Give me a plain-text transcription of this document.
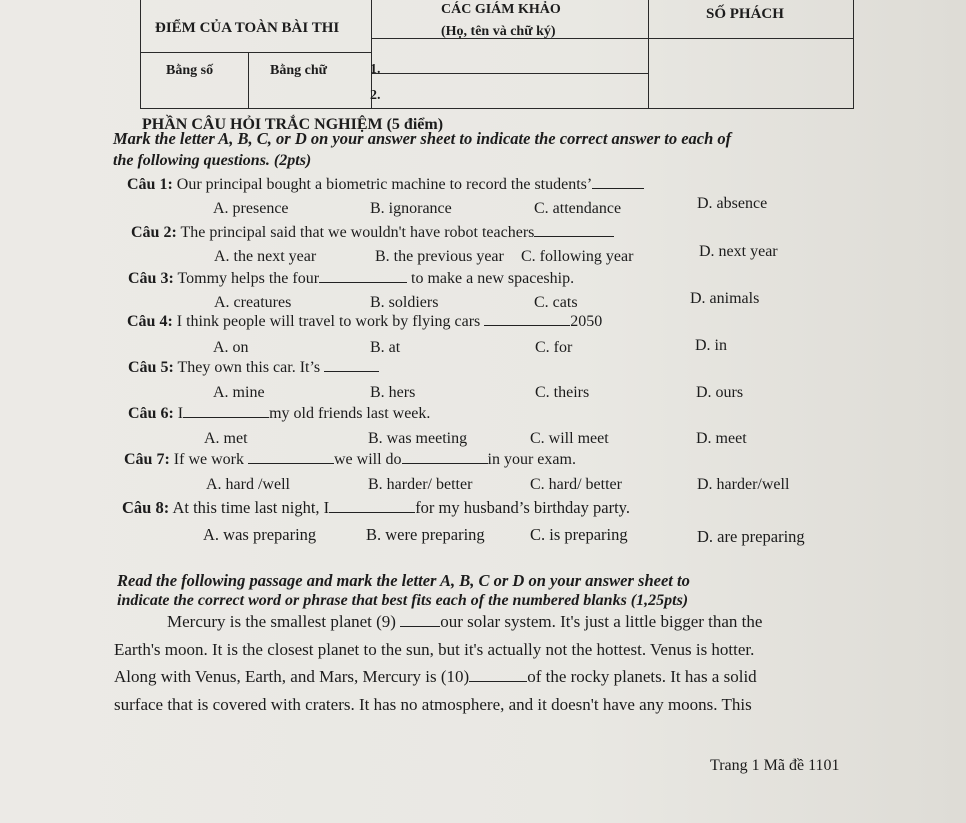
ĐIỂM CỦA TOÀN BÀI THI
Bằng số	Bằng chữ
CÁC GIÁM KHẢO
(Họ, tên và chữ ký)
1.
2.
SỐ PHÁCH
PHẦN CÂU HỎI TRẮC NGHIỆM (5 điểm)
Mark the letter A, B, C, or D on your answer sheet to indicate the correct answer to each of
the following questions. (2pts)
Câu 1: Our principal bought a biometric machine to record the students’
A. presence	B. ignorance	C. attendance	D. absence
Câu 2: The principal said that we wouldn't have robot teachers
A. the next year	B. the previous year C. following year	D. next year
Câu 3: Tommy helps the four	to make a new spaceship.
A. creatures	B. soldiers	C. cats	D. animals
Câu 4: I think people will travel to work by flying cars	2050
A. on	B. at	C. for	D. in
Câu 5: They own this car. It’s
A. mine	B. hers	C. theirs	D. ours
Câu 6: I	my old friends last week.
A. met	B. was meeting	C. will meet	D. meet
Câu 7: If we work	we will do	in your exam.
A. hard /well	B. harder/ better	C. hard/ better	D. harder/well
Câu 8: At this time last night, I	for my husband’s birthday party.
A. was preparing	B. were preparing	C. is preparing	D. are preparing
Read the following passage and mark the letter A, B, C or D on your answer sheet to
indicate the correct word or phrase that best fits each of the numbered blanks (1,25pts)
Mercury is the smallest planet (9)	our solar system. It's just a little bigger than the
Earth's moon. It is the closest planet to the sun, but it's actually not the hottest. Venus is hotter.
Along with Venus, Earth, and Mars, Mercury is (10)	of the rocky planets. It has a solid
surface that is covered with craters. It has no atmosphere, and it doesn't have any moons. This
Trang 1 Mã đề 1101
